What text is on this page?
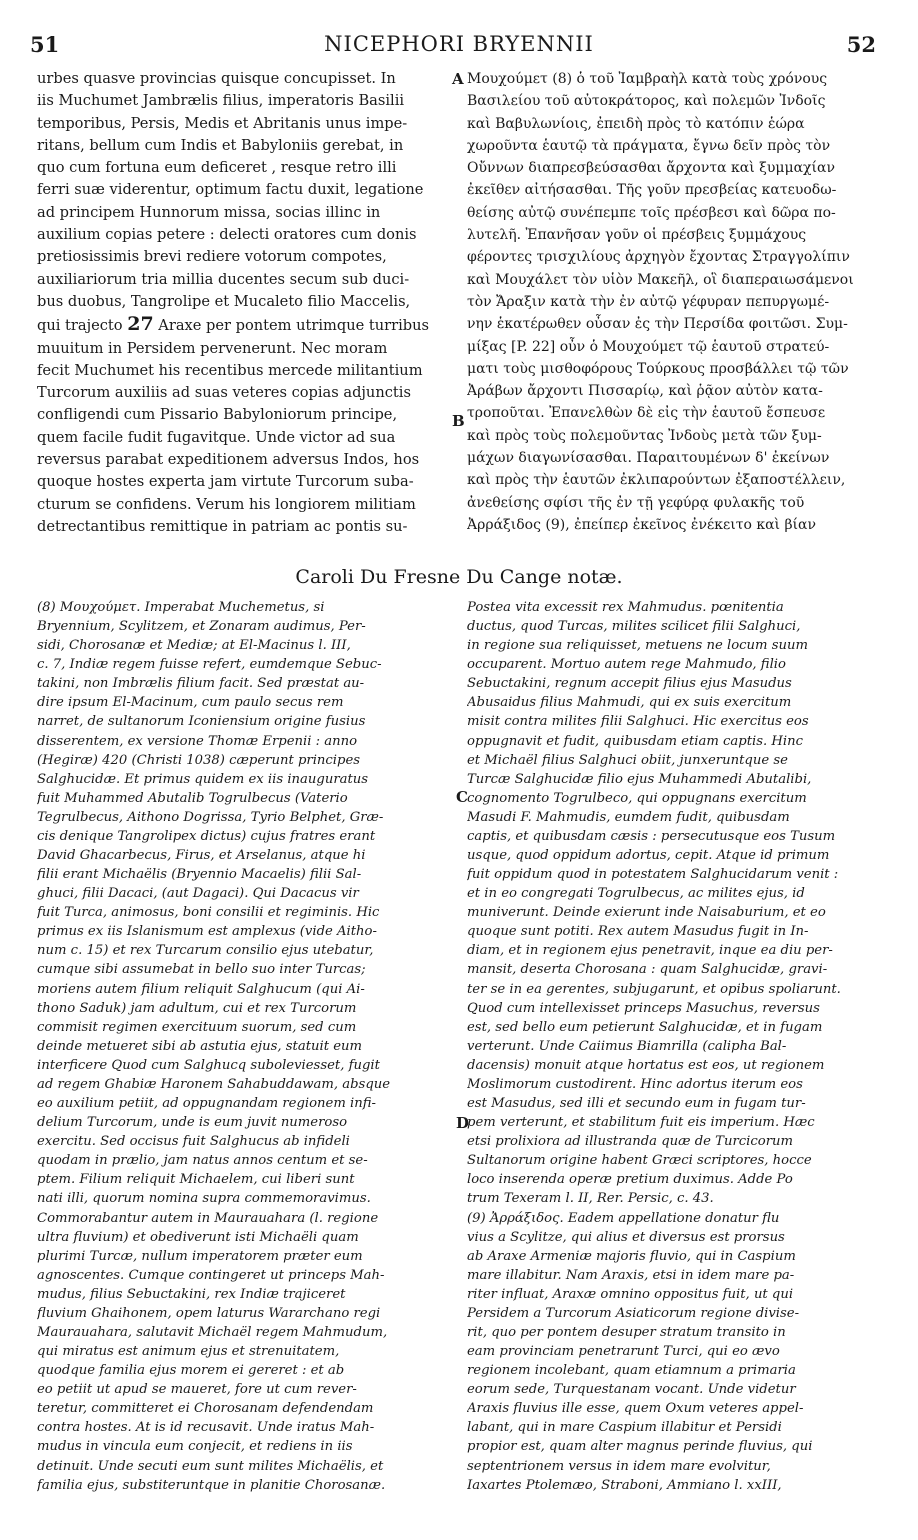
51	NICEPHORI BRYENNII	52
A
B
C
D
urbes quasve provincias quisque concupisset. In
iis Muchumet Jambrælis filius, imperatoris Basilii
temporibus, Persis, Medis et Abritanis unus impe-
ritans, bellum cum Indis et Babyloniis gerebat, in
quo cum fortuna eum deficeret , resque retro illi
ferri suæ viderentur, optimum factu duxit, legatione
ad principem Hunnorum missa, socias illinc in
auxilium copias petere : delecti oratores cum donis
pretiosissimis brevi rediere votorum compotes,
auxiliariorum tria millia ducentes secum sub duci-
bus duobus, Tangrolipe et Mucaleto filio Maccelis,
qui trajecto 27 Araxe per pontem utrimque turribus
muuitum in Persidem pervenerunt. Nec moram
fecit Muchumet his recentibus mercede militantium
Turcorum auxiliis ad suas veteres copias adjunctis
confligendi cum Pissario Babyloniorum principe,
quem facile fudit fugavitque. Unde victor ad sua
reversus parabat expeditionem adversus Indos, hos
quoque hostes experta jam virtute Turcorum suba-
cturum se confidens. Verum his longiorem militiam
detrectantibus remittique in patriam ac pontis su-
Μουχούμετ (8) ὁ τοῦ Ἰαμβραὴλ κατὰ τοὺς χρόνους
Βασιλείου τοῦ αὐτοκράτορος, καὶ πολεμῶν Ἰνδοῖς
καὶ Βαβυλωνίοις, ἐπειδὴ πρὸς τὸ κατόπιν ἑώρα
χωροῦντα ἑαυτῷ τὰ πράγματα, ἔγνω δεῖν πρὸς τὸν
Οὔννων διαπρεσβεύσασθαι ἄρχοντα καὶ ξυμμαχίαν
ἐκεῖθεν αἰτήσασθαι. Τῆς γοῦν πρεσβείας κατευοδω-
θείσης αὐτῷ συνέπεμπε τοῖς πρέσβεσι καὶ δῶρα πο-
λυτελῆ. Ἐπανῆσαν γοῦν οἱ πρέσβεις ξυμμάχους
φέροντες τρισχιλίους ἀρχηγὸν ἔχοντας Στραγγολίπιν
καὶ Μουχάλετ τὸν υἱὸν Μακεῆλ, οἳ διαπεραιωσάμενοι
τὸν Ἄραξιν κατὰ τὴν ἐν αὐτῷ γέφυραν πεπυργωμέ-
νην ἑκατέρωθεν οὖσαν ἐς τὴν Περσίδα φοιτῶσι. Συμ-
μίξας [P. 22] οὖν ὁ Μουχούμετ τῷ ἑαυτοῦ στρατεύ-
ματι τοὺς μισθοφόρους Τούρκους προσβάλλει τῷ τῶν
Ἀράβων ἄρχοντι Πισσαρίῳ, καὶ ῥᾷον αὐτὸν κατα-
τροποῦται. Ἐπανελθὼν δὲ εἰς τὴν ἑαυτοῦ ἔσπευσε
καὶ πρὸς τοὺς πολεμοῦντας Ἰνδοὺς μετὰ τῶν ξυμ-
μάχων διαγωνίσασθαι. Παραιτουμένων δ' ἐκείνων
καὶ πρὸς τὴν ἑαυτῶν ἐκλιπαρούντων ἐξαποστέλλειν,
ἀνεθείσης σφίσι τῆς ἐν τῇ γεφύρᾳ φυλακῆς τοῦ
Ἀρράξιδος (9), ἐπείπερ ἐκεῖνος ἐνέκειτο καὶ βίαν
Caroli Du Fresne Du Cange notæ.
(8) Μουχούμετ. Imperabat Muchemetus, si
Bryennium, Scylitzem, et Zonaram audimus, Per-
sidi, Chorosanæ et Mediæ; at El-Macinus l. III,
c. 7, Indiæ regem fuisse refert, eumdemque Sebuc-
takini, non Imbrælis filium facit. Sed præstat au-
dire ipsum El-Macinum, cum paulo secus rem
narret, de sultanorum Iconiensium origine fusius
disserentem, ex versione Thomæ Erpenii : anno
(Hegiræ) 420 (Christi 1038) cæperunt principes
Salghucidæ. Et primus quidem ex iis inauguratus
fuit Muhammed Abutalib Togrulbecus (Vaterio
Tegrulbecus, Aithono Dogrissa, Tyrio Belphet, Græ-
cis denique Tangrolipex dictus) cujus fratres erant
David Ghacarbecus, Firus, et Arselanus, atque hi
filii erant Michaëlis (Bryennio Macaelis) filii Sal-
ghuci, filii Dacaci, (aut Dagaci). Qui Dacacus vir
fuit Turca, animosus, boni consilii et regiminis. Hic
primus ex iis Islanismum est amplexus (vide Aitho-
num c. 15) et rex Turcarum consilio ejus utebatur,
cumque sibi assumebat in bello suo inter Turcas;
moriens autem filium reliquit Salghucum (qui Ai-
thono Saduk) jam adultum, cui et rex Turcorum
commisit regimen exercituum suorum, sed cum
deinde metueret sibi ab astutia ejus, statuit eum
interficere Quod cum Salghucq suboleviesset, fugit
ad regem Ghabiæ Haronem Sahabuddawam, absque
eo auxilium petiit, ad oppugnandam regionem infi-
delium Turcorum, unde is eum juvit numeroso
exercitu. Sed occisus fuit Salghucus ab infideli
quodam in prælio, jam natus annos centum et se-
ptem. Filium reliquit Michaelem, cui liberi sunt
nati illi, quorum nomina supra commemoravimus.
Commorabantur autem in Maurauahara (l. regione
ultra fluvium) et obediverunt isti Michaëli quam
plurimi Turcæ, nullum imperatorem præter eum
agnoscentes. Cumque contingeret ut princeps Mah-
mudus, filius Sebuctakini, rex Indiæ trajiceret
fluvium Ghaihonem, opem laturus Wararchano regi
Maurauahara, salutavit Michaël regem Mahmudum,
qui miratus est animum ejus et strenuitatem,
quodque familia ejus morem ei gereret : et ab
eo petiit ut apud se maueret, fore ut cum rever-
teretur, committeret ei Chorosanam defendendam
contra hostes. At is id recusavit. Unde iratus Mah-
mudus in vincula eum conjecit, et rediens in iis
detinuit. Unde secuti eum sunt milites Michaëlis, et
familia ejus, substiteruntque in planitie Chorosanæ.
Postea vita excessit rex Mahmudus. pœnitentia
ductus, quod Turcas, milites scilicet filii Salghuci,
in regione sua reliquisset, metuens ne locum suum
occuparent. Mortuo autem rege Mahmudo, filio
Sebuctakini, regnum accepit filius ejus Masudus
Abusaidus filius Mahmudi, qui ex suis exercitum
misit contra milites filii Salghuci. Hic exercitus eos
oppugnavit et fudit, quibusdam etiam captis. Hinc
et Michaël filius Salghuci obiit, junxeruntque se
Turcæ Salghucidæ filio ejus Muhammedi Abutalibi,
cognomento Togrulbeco, qui oppugnans exercitum
Masudi F. Mahmudis, eumdem fudit, quibusdam
captis, et quibusdam cæsis : persecutusque eos Tusum
usque, quod oppidum adortus, cepit. Atque id primum
fuit oppidum quod in potestatem Salghucidarum venit :
et in eo congregati Togrulbecus, ac milites ejus, id
muniverunt. Deinde exierunt inde Naisaburium, et eo
quoque sunt potiti. Rex autem Masudus fugit in In-
diam, et in regionem ejus penetravit, inque ea diu per-
mansit, deserta Chorosana : quam Salghucidæ, gravi-
ter se in ea gerentes, subjugarunt, et opibus spoliarunt.
Quod cum intellexisset princeps Masuchus, reversus
est, sed bello eum petierunt Salghucidæ, et in fugam
verterunt. Unde Caiimus Biamrilla (calipha Bal-
dacensis) monuit atque hortatus est eos, ut regionem
Moslimorum custodirent. Hinc adortus iterum eos
est Masudus, sed illi et secundo eum in fugam tur-
pem verterunt, et stabilitum fuit eis imperium. Hæc
etsi prolixiora ad illustranda quæ de Turcicorum
Sultanorum origine habent Græci scriptores, hocce
loco inserenda operæ pretium duximus. Adde Po
trum Texeram l. II, Rer. Persic, c. 43.
(9) Ἀρράξιδος. Eadem appellatione donatur flu
vius a Scylitze, qui alius et diversus est prorsus
ab Araxe Armeniæ majoris fluvio, qui in Caspium
mare illabitur. Nam Araxis, etsi in idem mare pa-
riter influat, Araxæ omnino oppositus fuit, ut qui
Persidem a Turcorum Asiaticorum regione divise-
rit, quo per pontem desuper stratum transito in
eam provinciam penetrarunt Turci, qui eo ævo
regionem incolebant, quam etiamnum a primaria
eorum sede, Turquestanam vocant. Unde videtur
Araxis fluvius ille esse, quem Oxum veteres appel-
labant, qui in mare Caspium illabitur et Persidi
propior est, quam alter magnus perinde fluvius, qui
septentrionem versus in idem mare evolvitur,
Iaxartes Ptolemæo, Straboni, Ammiano l. xxIII,
